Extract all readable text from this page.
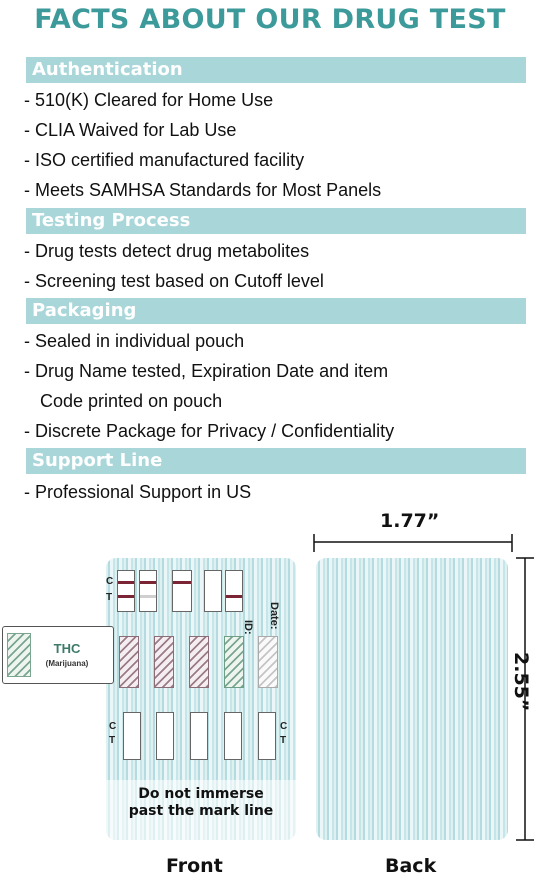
FACTS ABOUT OUR DRUG TEST
Authentication
- 510(K) Cleared for Home Use
- CLIA Waived for Lab Use
- ISO certified manufactured facility
- Meets SAMHSA Standards for Most Panels
Testing Process
- Drug tests detect drug metabolites
- Screening test based on Cutoff level
Packaging
- Sealed in individual pouch
- Drug Name tested, Expiration Date and item
Code printed on pouch
- Discrete Package for Privacy / Confidentiality
Support Line
- Professional Support in US
C
T
ID: Date:
C
T
C
T
Do not immerse
past the mark line
THC
(Marijuana)
1.77”
2.55”
Front	Back
